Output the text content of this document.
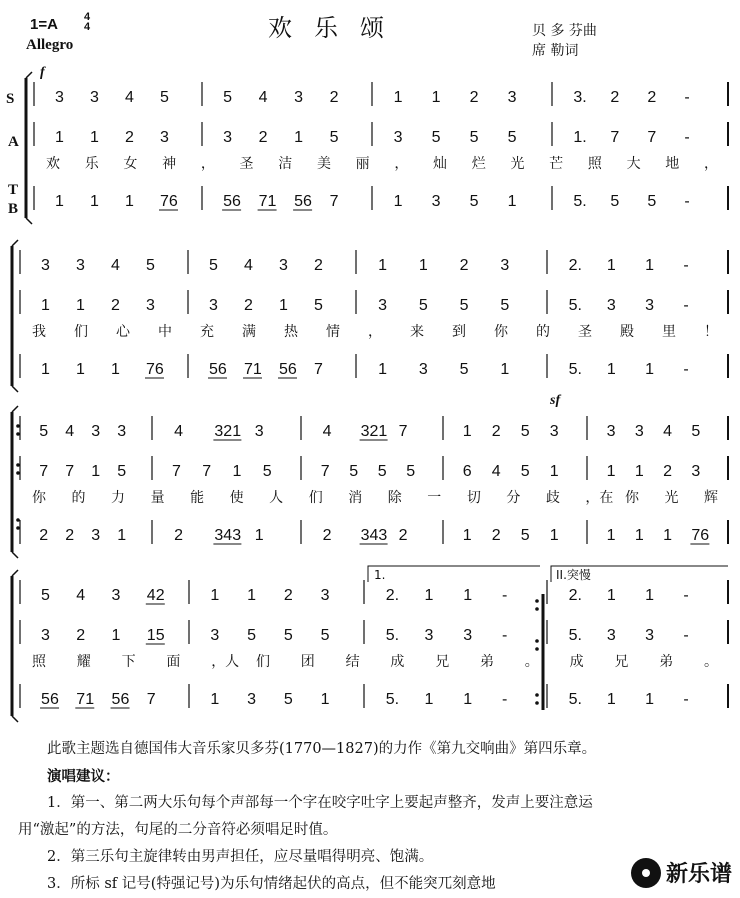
1=A 4
4
Allegro
欢乐颂	贝 多 芬曲
席 勒词
3 3 4 5	5 4 3 2	1 1 2 3	3. 2 2 -
1 1 2 3	3 2 1 5	3 5 5 5	1. 7 7 -
1 1 1 76	56 71 56 7	1 3 5 1	5. 5 5 -
欢 乐 女 神 ， 圣 洁 美 丽 ， 灿 烂 光 芒 照 大 地 ，
3 3 4 5	5 4 3 2	1 1 2 3	2. 1 1 -
1 1 2 3	3 2 1 5	3 5 5 5	5. 3 3 -
1 1 1 76	56 71 56 7	1 3 5 1	5. 1 1 -
我 们 心 中 充 满 热 情 ， 来 到 你 的 圣 殿 里 ！
5 4 3 3	4 321 3	4 321 7	1 2 5 3	3 3 4 5
7 7 1 5	7 7 1 5	7 5 5 5	6 4 5 1	1 1 2 3
2 2 3 1	2 343 1	2 343 2	1 2 5 1	1 1 1 76
你 的 力 量 能 使 人 们 消 除 一 切 分 歧 ，在 你 光 辉
5 4 3 42	1 1 2 3	2. 1 1 -	2. 1 1 -
3 2 1 15	3 5 5 5	5. 3 3 -	5. 3 3 -
56 71 56 7	1 3 5 1	5. 1 1 -	5. 1 1 -
照 耀 下 面 ，人 们 团 结 成 兄 弟 。 成 兄 弟 。
S
A
T
B
f
sf
1.	II.突慢

此歌主题选自德国伟大音乐家贝多芬(1770—1827)的力作《第九交响曲》第四乐章。

演唱建议：

1．第一、第二两大乐句每个声部每一个字在咬字吐字上要起声整齐，发声上要注意运

用“激起”的方法，句尾的二分音符必须唱足时值。

2．第三乐句主旋律转由男声担任，应尽量唱得明亮、饱满。

3．所标 sf 记号(特强记号)为乐句情绪起伏的高点，但不能突兀刻意地	新乐谱
